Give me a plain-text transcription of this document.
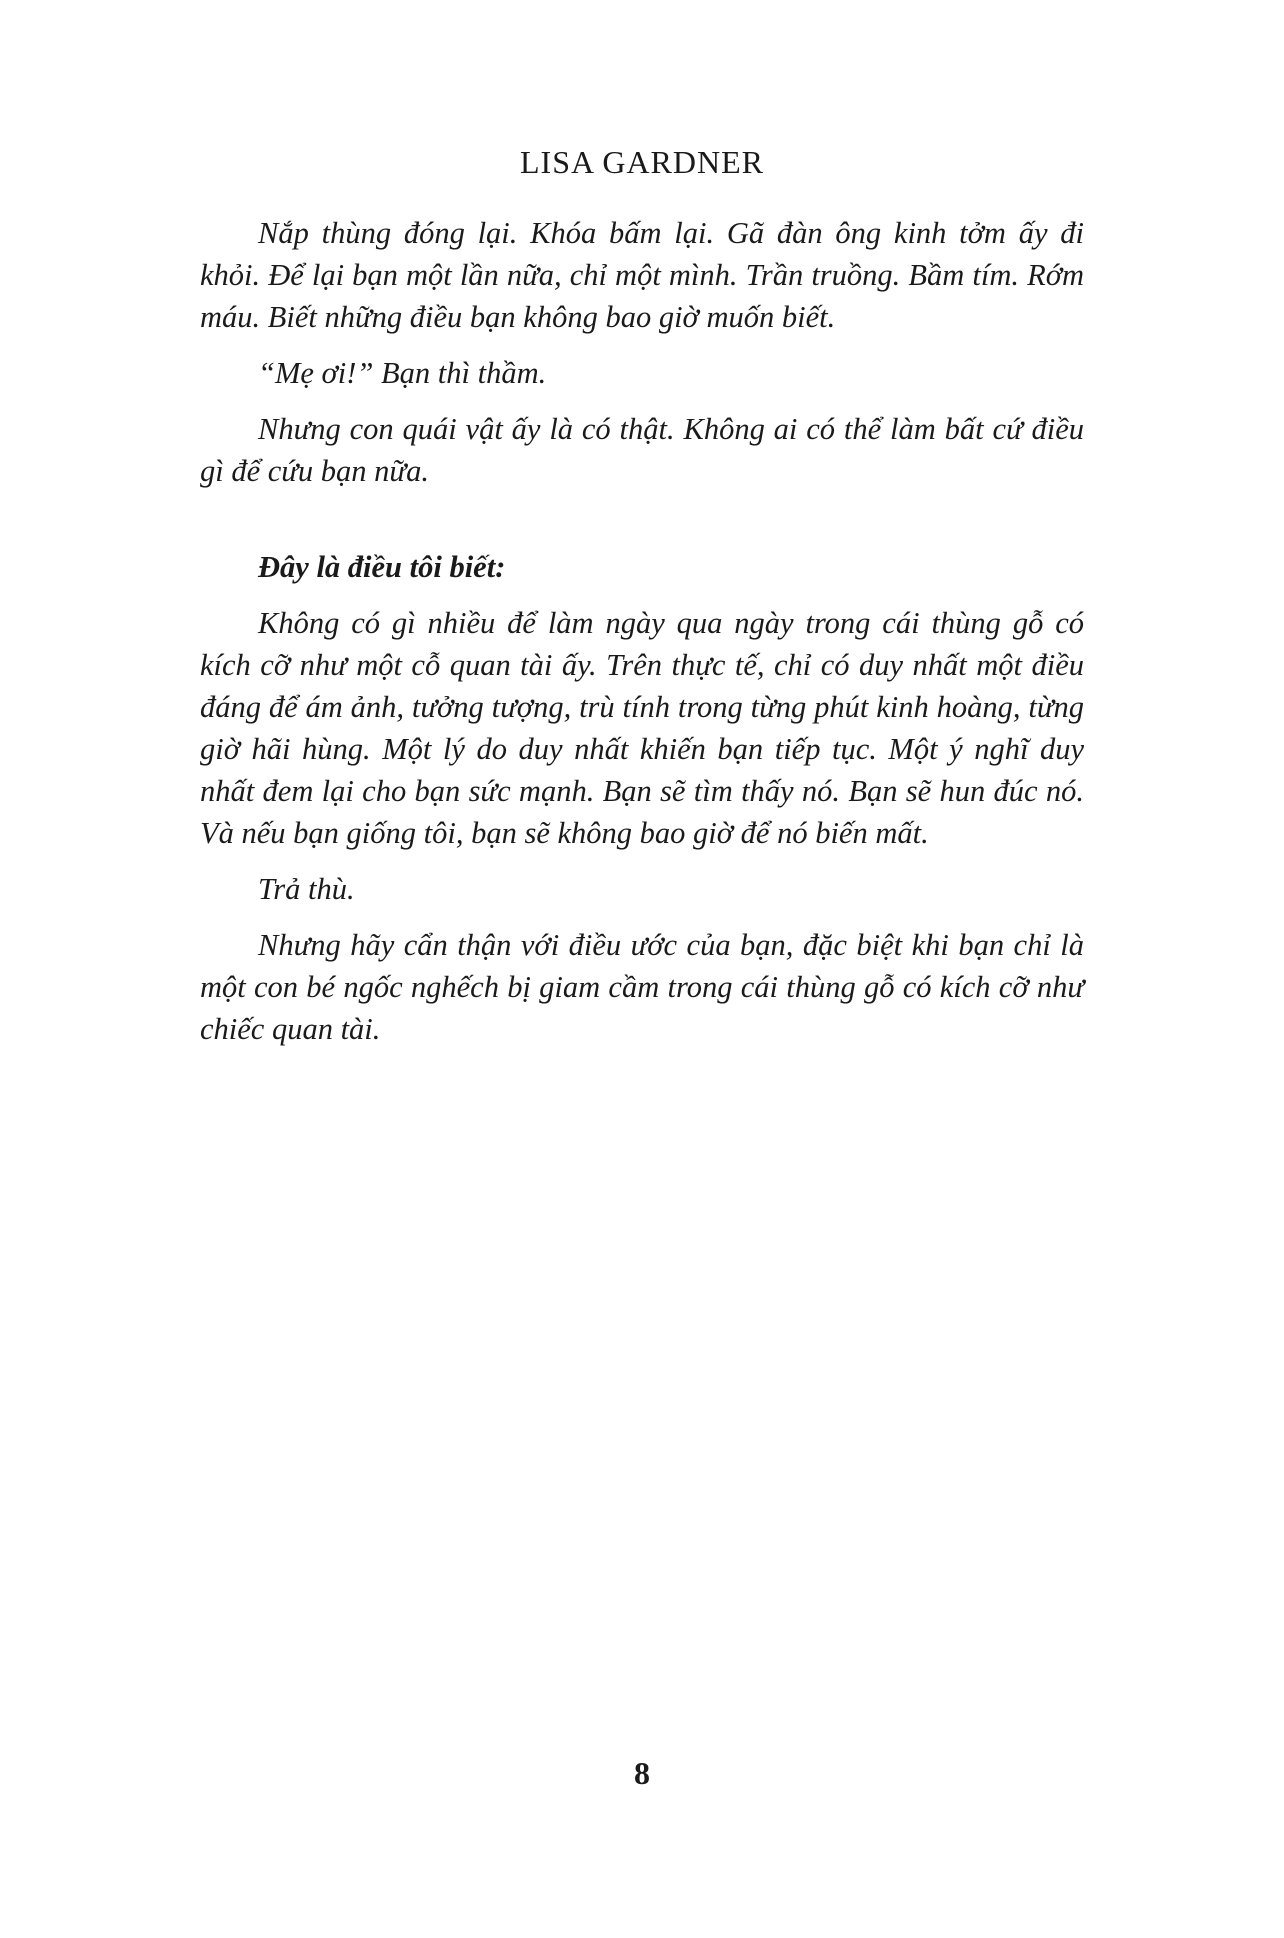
LISA GARDNER

Nắp thùng đóng lại. Khóa bấm lại. Gã đàn ông kinh tởm ấy đi khỏi. Để lại bạn một lần nữa, chỉ một mình. Trần truồng. Bầm tím. Rớm máu. Biết những điều bạn không bao giờ muốn biết.

“Mẹ ơi!” Bạn thì thầm.

Nhưng con quái vật ấy là có thật. Không ai có thể làm bất cứ điều gì để cứu bạn nữa.

Đây là điều tôi biết:

Không có gì nhiều để làm ngày qua ngày trong cái thùng gỗ có kích cỡ như một cỗ quan tài ấy. Trên thực tế, chỉ có duy nhất một điều đáng để ám ảnh, tưởng tượng, trù tính trong từng phút kinh hoàng, từng giờ hãi hùng. Một lý do duy nhất khiến bạn tiếp tục. Một ý nghĩ duy nhất đem lại cho bạn sức mạnh. Bạn sẽ tìm thấy nó. Bạn sẽ hun đúc nó. Và nếu bạn giống tôi, bạn sẽ không bao giờ để nó biến mất.

Trả thù.

Nhưng hãy cẩn thận với điều ước của bạn, đặc biệt khi bạn chỉ là một con bé ngốc nghếch bị giam cầm trong cái thùng gỗ có kích cỡ như chiếc quan tài.

8
